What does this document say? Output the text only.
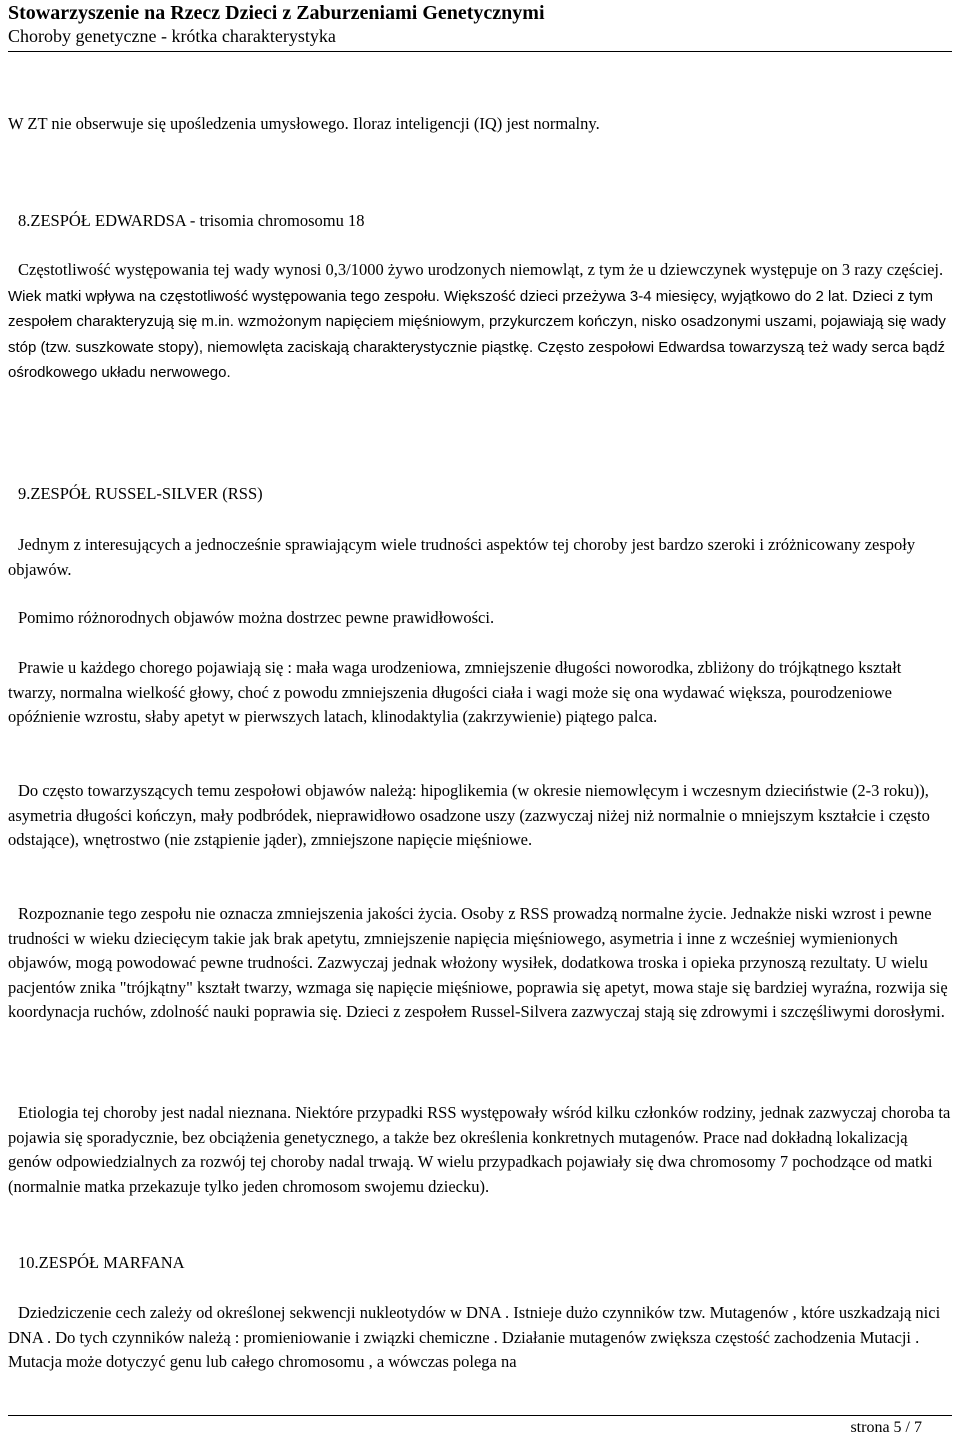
Stowarzyszenie na Rzecz Dzieci z Zaburzeniami Genetycznymi
Choroby genetyczne - krótka charakterystyka

W ZT nie obserwuje się upośledzenia umysłowego. Iloraz inteligencji (IQ) jest normalny.

8.ZESPÓŁ EDWARDSA - trisomia chromosomu 18

Częstotliwość występowania tej wady wynosi 0,3/1000 żywo urodzonych niemowląt, z tym że u dziewczynek występuje on 3 razy częściej. Wiek matki wpływa na częstotliwość występowania tego zespołu. Większość dzieci przeżywa 3-4 miesięcy, wyjątkowo do 2 lat. Dzieci z tym zespołem charakteryzują się m.in. wzmożonym napięciem mięśniowym, przykurczem kończyn, nisko osadzonymi uszami, pojawiają się wady stóp (tzw. suszkowate stopy), niemowlęta zaciskają charakterystycznie piąstkę. Często zespołowi Edwardsa towarzyszą też wady serca bądź ośrodkowego układu nerwowego.

9.ZESPÓŁ RUSSEL-SILVER (RSS)

Jednym z interesujących a jednocześnie sprawiającym wiele trudności aspektów tej choroby jest bardzo szeroki i zróżnicowany zespoły objawów.

Pomimo różnorodnych objawów można dostrzec pewne prawidłowości.

Prawie u każdego chorego pojawiają się : mała waga urodzeniowa, zmniejszenie długości noworodka, zbliżony do trójkątnego kształt twarzy, normalna wielkość głowy, choć z powodu zmniejszenia długości ciała i wagi może się ona wydawać większa, pourodzeniowe opóźnienie wzrostu, słaby apetyt w pierwszych latach, klinodaktylia (zakrzywienie) piątego palca.

Do często towarzyszących temu zespołowi objawów należą: hipoglikemia (w okresie niemowlęcym i wczesnym dzieciństwie (2-3 roku)), asymetria długości kończyn, mały podbródek, nieprawidłowo osadzone uszy (zazwyczaj niżej niż normalnie o mniejszym kształcie i często odstające), wnętrostwo (nie zstąpienie jąder), zmniejszone napięcie mięśniowe.

Rozpoznanie tego zespołu nie oznacza zmniejszenia jakości życia. Osoby z RSS prowadzą normalne życie. Jednakże niski wzrost i pewne trudności w wieku dziecięcym takie jak brak apetytu, zmniejszenie napięcia mięśniowego, asymetria i inne z wcześniej wymienionych objawów, mogą powodować pewne trudności. Zazwyczaj jednak włożony wysiłek, dodatkowa troska i opieka przynoszą rezultaty. U wielu pacjentów znika "trójkątny" kształt twarzy, wzmaga się napięcie mięśniowe, poprawia się apetyt, mowa staje się bardziej wyraźna, rozwija się koordynacja ruchów, zdolność nauki poprawia się. Dzieci z zespołem Russel-Silvera zazwyczaj stają się zdrowymi i szczęśliwymi dorosłymi.

Etiologia tej choroby jest nadal nieznana. Niektóre przypadki RSS występowały wśród kilku członków rodziny, jednak zazwyczaj choroba ta pojawia się sporadycznie, bez obciążenia genetycznego, a także bez określenia konkretnych mutagenów. Prace nad dokładną lokalizacją genów odpowiedzialnych za rozwój tej choroby nadal trwają. W wielu przypadkach pojawiały się dwa chromosomy 7 pochodzące od matki (normalnie matka przekazuje tylko jeden chromosom swojemu dziecku).

10.ZESPÓŁ MARFANA

Dziedziczenie cech zależy od określonej sekwencji nukleotydów w DNA . Istnieje dużo czynników tzw. Mutagenów , które uszkadzają nici DNA . Do tych czynników należą : promieniowanie i związki chemiczne . Działanie mutagenów zwiększa częstość zachodzenia Mutacji . Mutacja może dotyczyć genu lub całego chromosomu , a wówczas polega na

strona 5 / 7
